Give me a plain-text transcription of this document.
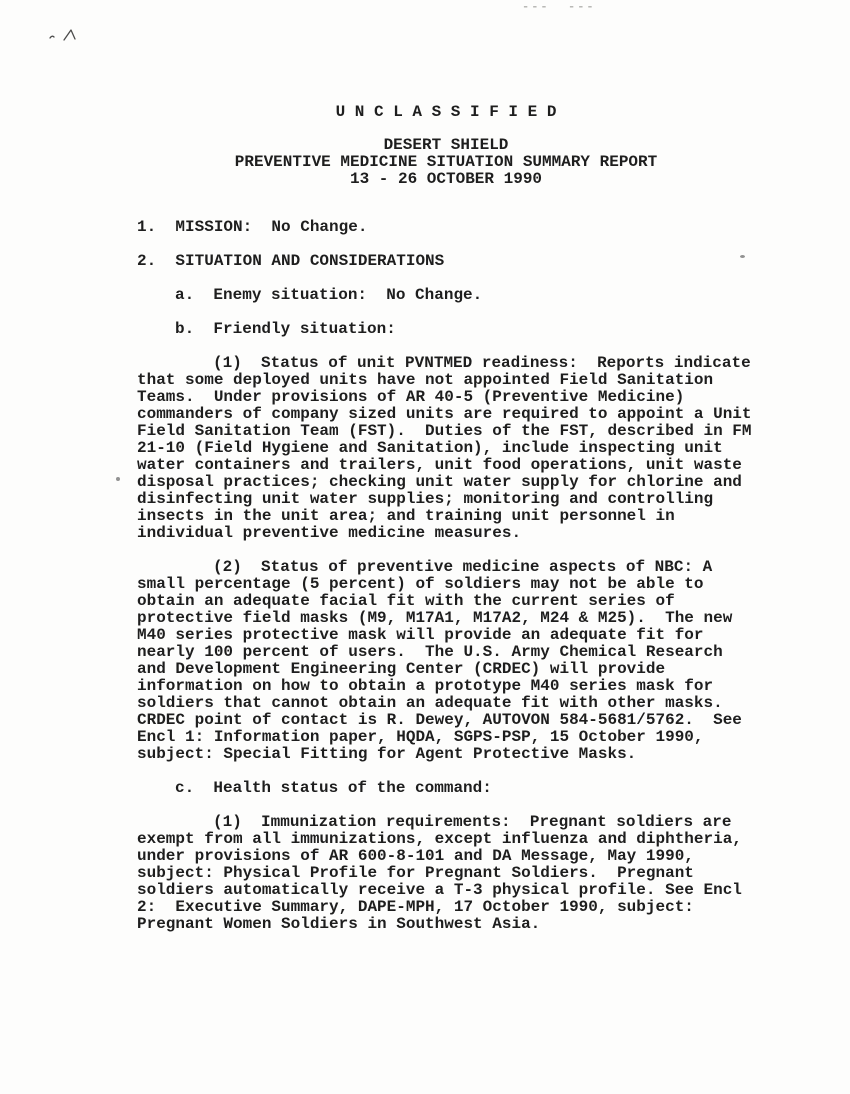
---  ---
U N C L A S S I F I E D
DESERT SHIELD
PREVENTIVE MEDICINE SITUATION SUMMARY REPORT
13 - 26 OCTOBER 1990

1.  MISSION:  No Change.

2.  SITUATION AND CONSIDERATIONS

a.  Enemy situation:  No Change.

b.  Friendly situation:

(1)  Status of unit PVNTMED readiness:  Reports indicate that some deployed units have not appointed Field Sanitation Teams.  Under provisions of AR 40-5 (Preventive Medicine) commanders of company sized units are required to appoint a Unit Field Sanitation Team (FST).  Duties of the FST, described in FM 21-10 (Field Hygiene and Sanitation), include inspecting unit water containers and trailers, unit food operations, unit waste disposal practices; checking unit water supply for chlorine and disinfecting unit water supplies; monitoring and controlling insects in the unit area; and training unit personnel in individual preventive medicine measures.

(2)  Status of preventive medicine aspects of NBC: A small percentage (5 percent) of soldiers may not be able to obtain an adequate facial fit with the current series of protective field masks (M9, M17A1, M17A2, M24 & M25).  The new M40 series protective mask will provide an adequate fit for nearly 100 percent of users.  The U.S. Army Chemical Research and Development Engineering Center (CRDEC) will provide information on how to obtain a prototype M40 series mask for soldiers that cannot obtain an adequate fit with other masks.  CRDEC point of contact is R. Dewey, AUTOVON 584-5681/5762.  See Encl 1: Information paper, HQDA, SGPS-PSP, 15 October 1990, subject: Special Fitting for Agent Protective Masks.

c.  Health status of the command:

(1)  Immunization requirements:  Pregnant soldiers are exempt from all immunizations, except influenza and diphtheria, under provisions of AR 600-8-101 and DA Message, May 1990, subject: Physical Profile for Pregnant Soldiers.  Pregnant soldiers automatically receive a T-3 physical profile. See Encl 2:  Executive Summary, DAPE-MPH, 17 October 1990, subject: Pregnant Women Soldiers in Southwest Asia.
